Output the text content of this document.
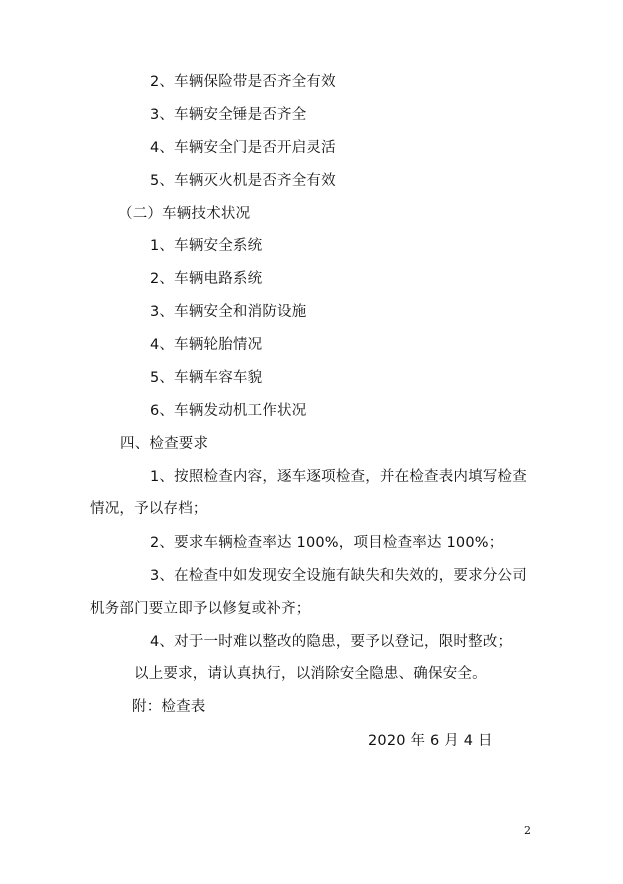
2、车辆保险带是否齐全有效
3、车辆安全锤是否齐全
4、车辆安全门是否开启灵活
5、车辆灭火机是否齐全有效
（二）车辆技术状况
1、车辆安全系统
2、车辆电路系统
3、车辆安全和消防设施
4、车辆轮胎情况
5、车辆车容车貌
6、车辆发动机工作状况
四、检查要求
1、按照检查内容，逐车逐项检查，并在检查表内填写检查
情况，予以存档；
2、要求车辆检查率达 100%，项目检查率达 100%；
3、在检查中如发现安全设施有缺失和失效的，要求分公司
机务部门要立即予以修复或补齐；
4、对于一时难以整改的隐患，要予以登记，限时整改；
以上要求，请认真执行，以消除安全隐患、确保安全。
附：检查表
2020 年 6 月 4 日
2
